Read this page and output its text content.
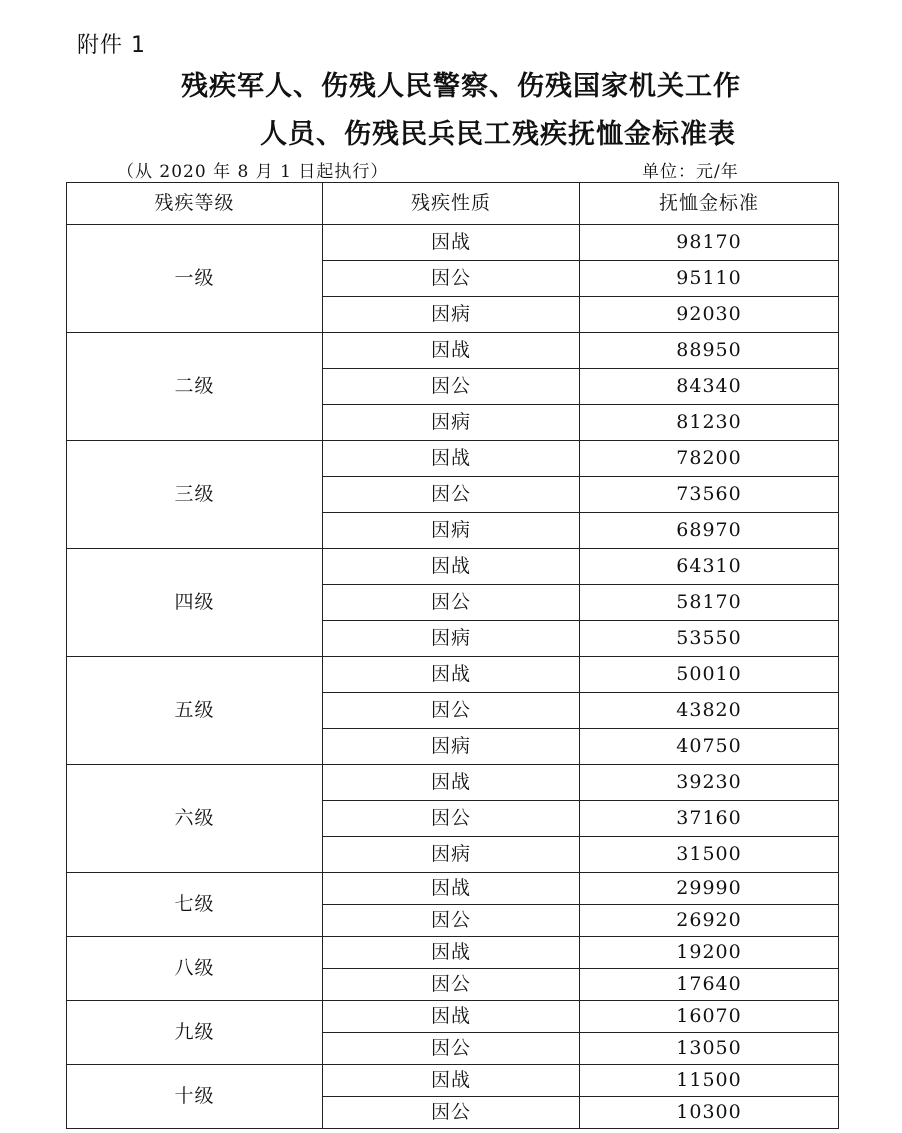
附件 1
残疾军人、伤残人民警察、伤残国家机关工作
人员、伤残民兵民工残疾抚恤金标准表
（从 2020 年 8 月 1 日起执行）	单位：元/年
残疾等级	残疾性质	抚恤金标准
一级	因战	98170
	因公	95110
	因病	92030
二级	因战	88950
	因公	84340
	因病	81230
三级	因战	78200
	因公	73560
	因病	68970
四级	因战	64310
	因公	58170
	因病	53550
五级	因战	50010
	因公	43820
	因病	40750
六级	因战	39230
	因公	37160
	因病	31500
七级	因战	29990
	因公	26920
八级	因战	19200
	因公	17640
九级	因战	16070
	因公	13050
十级	因战	11500
	因公	10300
